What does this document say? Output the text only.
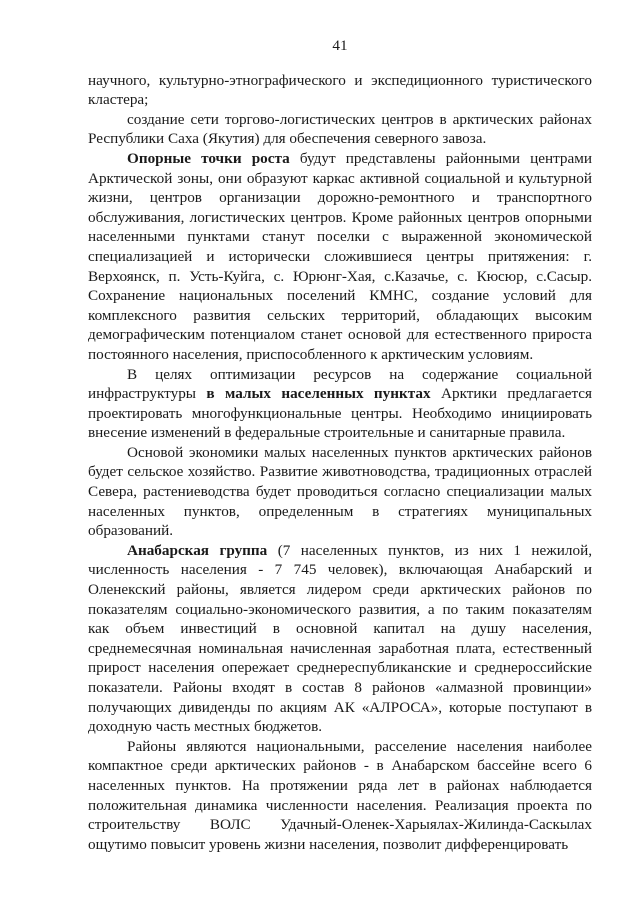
41

научного, культурно-этнографического и экспедиционного туристического кластера;

создание сети торгово-логистических центров в арктических районах Республики Саха (Якутия) для обеспечения северного завоза.

Опорные точки роста будут представлены районными центрами Арктической зоны, они образуют каркас активной социальной и культурной жизни, центров организации дорожно-ремонтного и транспортного обслуживания, логистических центров. Кроме районных центров опорными населенными пунктами станут поселки с выраженной экономической специализацией и исторически сложившиеся центры притяжения: г. Верхоянск, п. Усть-Куйга, с. Юрюнг-Хая, с.Казачье, с. Кюсюр, с.Сасыр. Сохранение национальных поселений КМНС, создание условий для комплексного развития сельских территорий, обладающих высоким демографическим потенциалом станет основой для естественного прироста постоянного населения, приспособленного к арктическим условиям.

В целях оптимизации ресурсов на содержание социальной инфраструктуры в малых населенных пунктах Арктики предлагается проектировать многофункциональные центры. Необходимо инициировать внесение изменений в федеральные строительные и санитарные правила.

Основой экономики малых населенных пунктов арктических районов будет сельское хозяйство. Развитие животноводства, традиционных отраслей Севера, растениеводства будет проводиться согласно специализации малых населенных пунктов, определенным в стратегиях муниципальных образований.

Анабарская группа (7 населенных пунктов, из них 1 нежилой, численность населения - 7 745 человек), включающая Анабарский и Оленекский районы, является лидером среди арктических районов по показателям социально-экономического развития, а по таким показателям как объем инвестиций в основной капитал на душу населения, среднемесячная номинальная начисленная заработная плата, естественный прирост населения опережает среднереспубликанские и среднероссийские показатели. Районы входят в состав 8 районов «алмазной провинции» получающих дивиденды по акциям АК «АЛРОСА», которые поступают в доходную часть местных бюджетов.

Районы являются национальными, расселение населения наиболее компактное среди арктических районов - в Анабарском бассейне всего 6 населенных пунктов. На протяжении ряда лет в районах наблюдается положительная динамика численности населения. Реализация проекта по строительству ВОЛС Удачный-Оленек-Харыялах-Жилинда-Саскылах ощутимо повысит уровень жизни населения, позволит дифференцировать
